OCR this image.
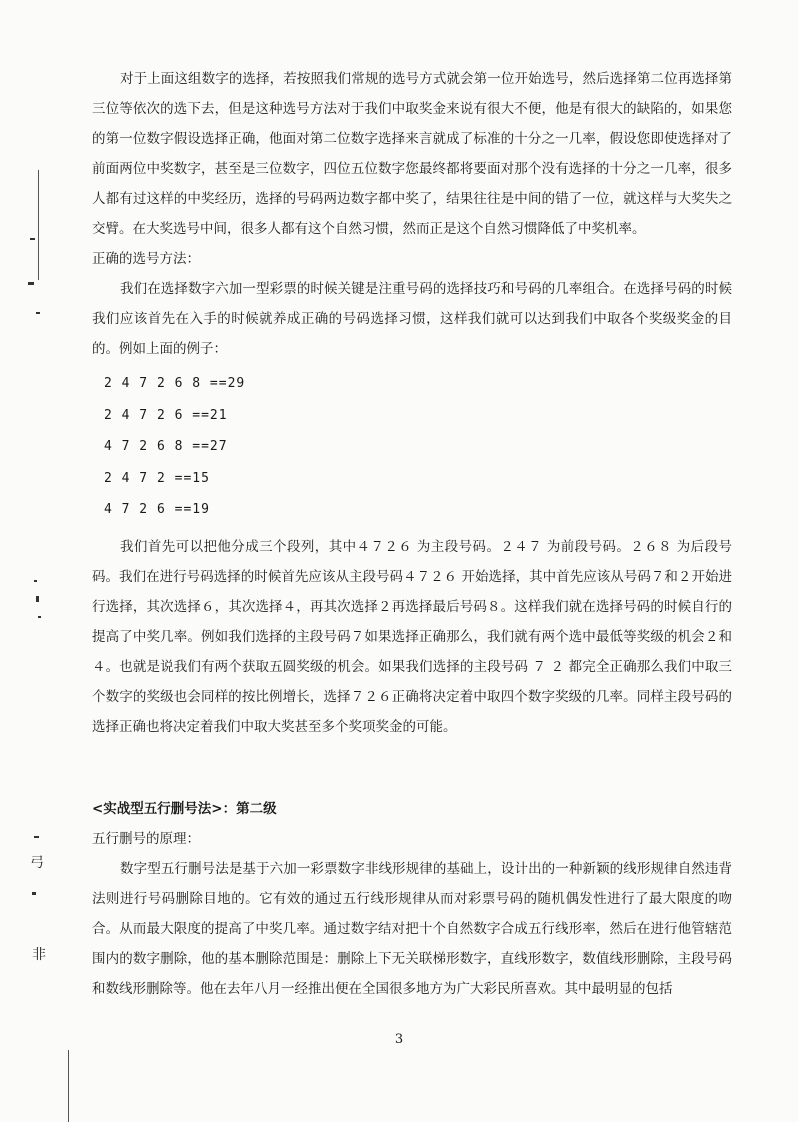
弓
非

对于上面这组数字的选择，若按照我们常规的选号方式就会第一位开始选号，然后选择第二位再选择第三位等依次的选下去，但是这种选号方法对于我们中取奖金来说有很大不便，他是有很大的缺陷的，如果您的第一位数字假设选择正确，他面对第二位数字选择来言就成了标准的十分之一几率，假设您即使选择对了前面两位中奖数字，甚至是三位数字，四位五位数字您最终都将要面对那个没有选择的十分之一几率，很多人都有过这样的中奖经历，选择的号码两边数字都中奖了，结果往往是中间的错了一位，就这样与大奖失之交臂。在大奖选号中间，很多人都有这个自然习惯，然而正是这个自然习惯降低了中奖机率。

正确的选号方法：

我们在选择数字六加一型彩票的时候关键是注重号码的选择技巧和号码的几率组合。在选择号码的时候我们应该首先在入手的时候就养成正确的号码选择习惯，这样我们就可以达到我们中取各个奖级奖金的目的。例如上面的例子：

2 4 7 2 6 8 ==29
2 4 7 2 6 ==21
4 7 2 6 8 ==27
2 4 7 2 ==15
4 7 2 6 ==19

我们首先可以把他分成三个段列，其中４７２６ 为主段号码。２４７ 为前段号码。２６８ 为后段号码。我们在进行号码选择的时候首先应该从主段号码４７２６ 开始选择，其中首先应该从号码７和２开始进行选择，其次选择６，其次选择４，再其次选择２再选择最后号码８。这样我们就在选择号码的时候自行的提高了中奖几率。例如我们选择的主段号码７如果选择正确那么，我们就有两个选中最低等奖级的机会２和４。也就是说我们有两个获取五圆奖级的机会。如果我们选择的主段号码 ７ ２ 都完全正确那么我们中取三个数字的奖级也会同样的按比例增长，选择７２６正确将决定着中取四个数字奖级的几率。同样主段号码的选择正确也将决定着我们中取大奖甚至多个奖项奖金的可能。

<实战型五行删号法>：第二级

五行删号的原理：

数字型五行删号法是基于六加一彩票数字非线形规律的基础上，设计出的一种新颖的线形规律自然违背法则进行号码删除目地的。它有效的通过五行线形规律从而对彩票号码的随机偶发性进行了最大限度的吻合。从而最大限度的提高了中奖几率。通过数字结对把十个自然数字合成五行线形率，然后在进行他管辖范围内的数字删除，他的基本删除范围是：删除上下无关联梯形数字，直线形数字，数值线形删除，主段号码和数线形删除等。他在去年八月一经推出便在全国很多地方为广大彩民所喜欢。其中最明显的包括

3
